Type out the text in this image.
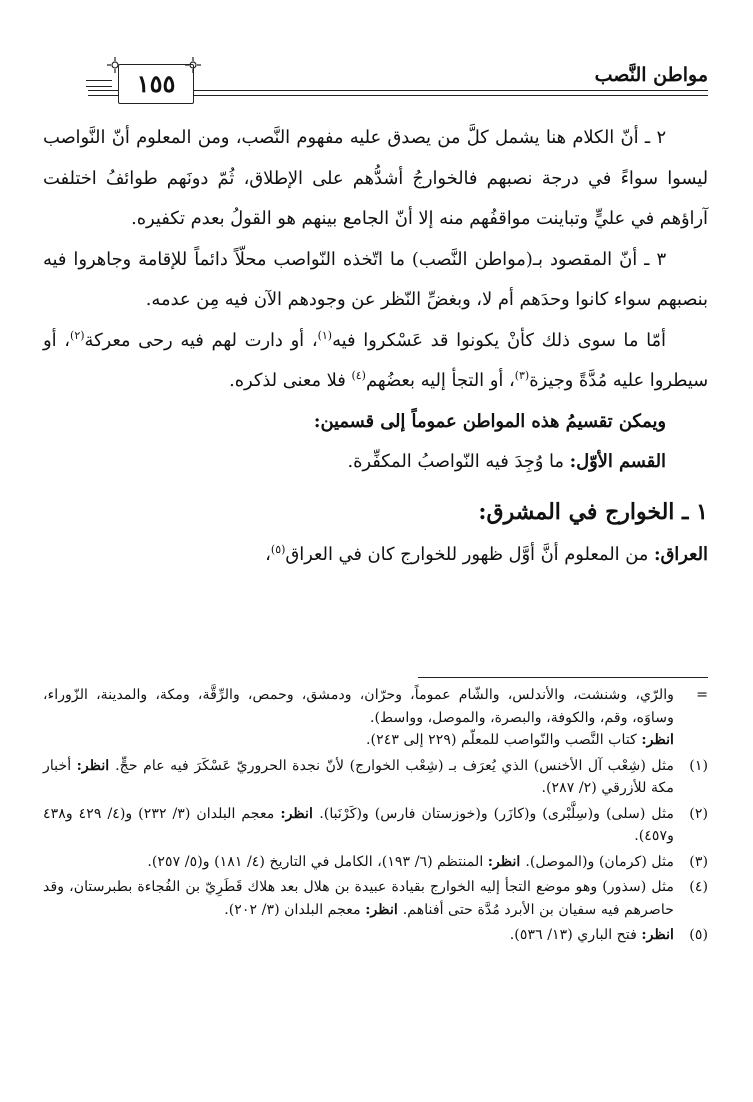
مواطن النَّصب
١٥٥

٢ ـ أنّ الكلام هنا يشمل كلَّ من يصدق عليه مفهوم النَّصب، ومن المعلوم أنّ النَّواصب ليسوا سواءً في درجة نصبهم فالخوارجُ أشدُّهم على الإطلاق، ثُمّ دونَهم طوائفُ اختلفت آراؤهم في عليٍّ وتباينت مواقفُهم منه إلا أنّ الجامع بينهم هو القولُ بعدم تكفيره.

٣ ـ أنّ المقصود بـ(مواطن النَّصب) ما اتّخذه النّواصب محلّاً دائماً للإقامة وجاهروا فيه بنصبهم سواء كانوا وحدَهم أم لا، وبغضِّ النّظر عن وجودهم الآن فيه مِن عدمه.

أمّا ما سوى ذلك كأنْ يكونوا قد عَسْكروا فيه$^{(١)}$، أو دارت لهم فيه رحى معركة$^{(٢)}$، أو سيطروا عليه مُدَّةً وجيزة$^{(٣)}$، أو التجأ إليه بعضُهم$^{(٤)}$ فلا معنى لذكره.

ويمكن تقسيمُ هذه المواطن عموماً إلى قسمين:

القسم الأوّل: ما وُجِدَ فيه النّواصبُ المكفِّرة.

١ ـ الخوارج في المشرق:

العراق: من المعلوم أنَّ أوَّل ظهور للخوارج كان في العراق$^{(٥)}$،

=
والرّي، وشنشت، والأندلس، والشّام عموماً، وحرّان، ودمشق، وحمص، والرِّقَّة، ومكة، والمدينة، الزّوراء، وساوَه، وقم، والكوفة، والبصرة، والموصل، وواسط).
انظر: كتاب النَّصب والنّواصب للمعلّم (٢٢٩ إلى ٢٤٣).
(١)
مثل (شِعْب آل الأخنس) الذي يُعرَف بـ (شِعْب الخوارج) لأنّ نجدة الحروريّ عَسْكَرَ فيه عام حجٍّ. انظر: أخبار مكة للأزرقي (٢/ ٢٨٧).
(٢)
مثل (سلى) و(سِلَّبْرى) و(كازَر) و(خوزستان فارس) و(كَرْنَبا). انظر: معجم البلدان (٣/ ٢٣٢) و(٤/ ٤٢٩ و٤٣٨ و٤٥٧).
(٣)
مثل (كرمان) و(الموصل). انظر: المنتظم (٦/ ١٩٣)، الكامل في التاريخ (٤/ ١٨١) و(٥/ ٢٥٧).
(٤)
مثل (سذور) وهو موضع التجأ إليه الخوارج بقيادة عبيدة بن هلال بعد هلاك قَطَرِيّ بن الفُجاءة بطبرستان، وقد حاصرهم فيه سفيان بن الأبرد مُدَّة حتى أفناهم. انظر: معجم البلدان (٣/ ٢٠٢).
(٥)
انظر: فتح الباري (١٣/ ٥٣٦).
